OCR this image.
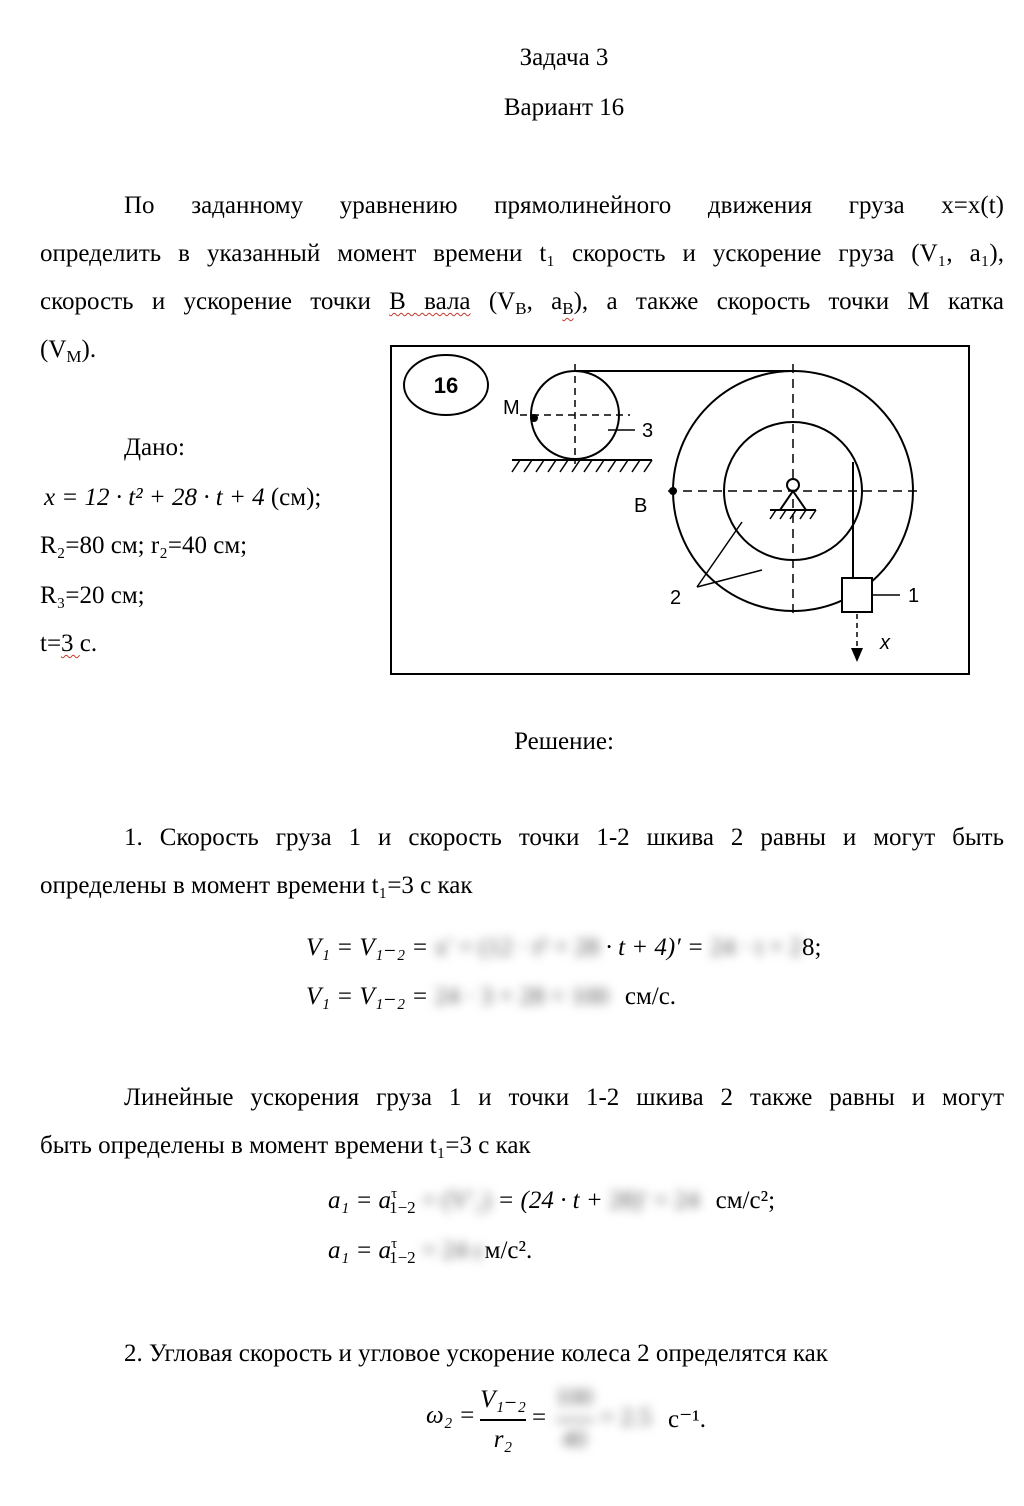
Задача 3
Вариант 16
По заданному уравнению прямолинейного движения груза x=x(t)
определить в указанный момент времени t₁ скорость и ускорение груза (V₁, a₁),
скорость и ускорение точки В вала ($V_B$, $a_B$), а также скорость точки М катка
$(V_M)$.
Дано:
x = 12 · t² + 28 · t + 4 (см);
R₂=80 см; r₂=40 см;
R₃=20 см;
t=3 с.
16
M
3
B
2	1
x
Решение:
1. Скорость груза 1 и скорость точки 1-2 шкива 2 равны и могут быть
определены в момент времени t₁=3 с как
V₁ = V₁₋₂ = x′ = (12 · t² + 28 · t + 4)′ = 24 · t + 28;
V₁ = V₁₋₂ = 24 · 3 + 28 = 100 см/с.
Линейные ускорения груза 1 и точки 1-2 шкива 2 также равны и могут
быть определены в момент времени t₁=3 с как
$a_1 = a^\tau_{1-2} = (V'_1) = (24 \cdot t + 28)' = 24$ см/с²;
$a_1 = a^\tau_{1-2} = 24$ см/с².
2. Угловая скорость и угловое ускорение колеса 2 определятся как
ω₂ =
V₁₋₂
r₂
=
100
40
= 2.5 c⁻¹.
